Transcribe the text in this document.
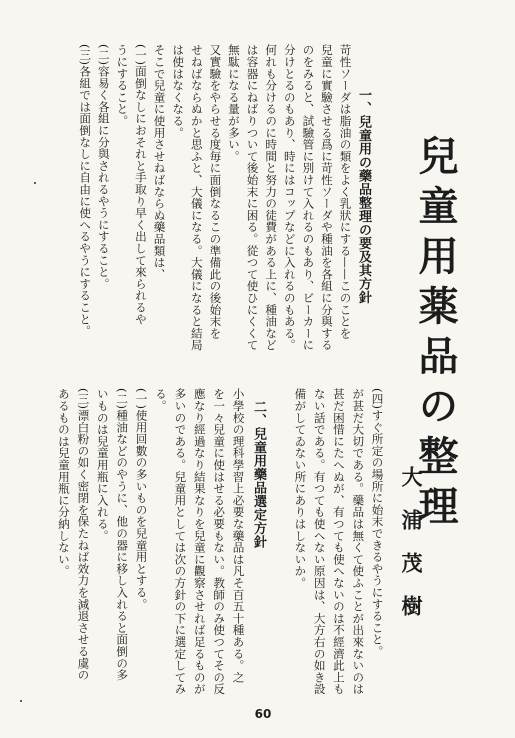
兒童用薬品の整理
大浦茂樹
一、兒童用の藥品整理の要及其方針
苛性ソーダは脂油の類をよく乳狀にする——このことを
兒童に實驗させる爲に苛性ソーダや種油を各組に分與する
のをみると、試驗管に別けて入れるのもあり、ビーカーに
分けとるのもあり、時にはコップなどに入れるのもある。
何れも分けるのに時間と努力の徒費がある上に、種油など
は容器にねばりついて後始末に困る。從つて使ひにくくて
無駄になる量が多い。
又實驗をやらせる度毎に面倒なるこの準備此の後始末を
せねばならぬかと思ふと、大儀になる。大儀になると結局
は使はなくなる。
そこで兒童に使用させねばならぬ藥品類は、
(一)面倒なしにおそれと手取り早く出して來られるや
うにすること。
(二)容易く各組に分與されるやうにすること。
(三)各組では面倒なしに自由に使へるやうにすること。
(四)すぐ所定の場所に始末できるやうにすること。
が甚だ大切である。藥品は無くて使ふことが出來ないのは
甚だ困惜にたへぬが、有つても使へないのは不經濟此上も
ない話である。有つても使へない原因は、大方右の如き設
備がしてゐない所にありはしないか。
二、兒童用藥品選定方針
小學校の理科學習上必要な藥品は凡そ百五十種ある。之
を一々兒童に使はせる必要もない。教師のみ使つてその反
應なり經過なり結果なりを兒童に觀察させれば足るものが
多いのである。兒童用としては次の方針の下に選定してみ
る。
(一)使用回數の多いものを兒童用とする。
(二)種油などのやうに、他の器に移し入れると面倒の多
いものは兒童用瓶に入れる。
(三)漂白粉の如く密閉を保たねば效力を減退させる虞の
あるものは兒童用瓶に分納しない。
60
